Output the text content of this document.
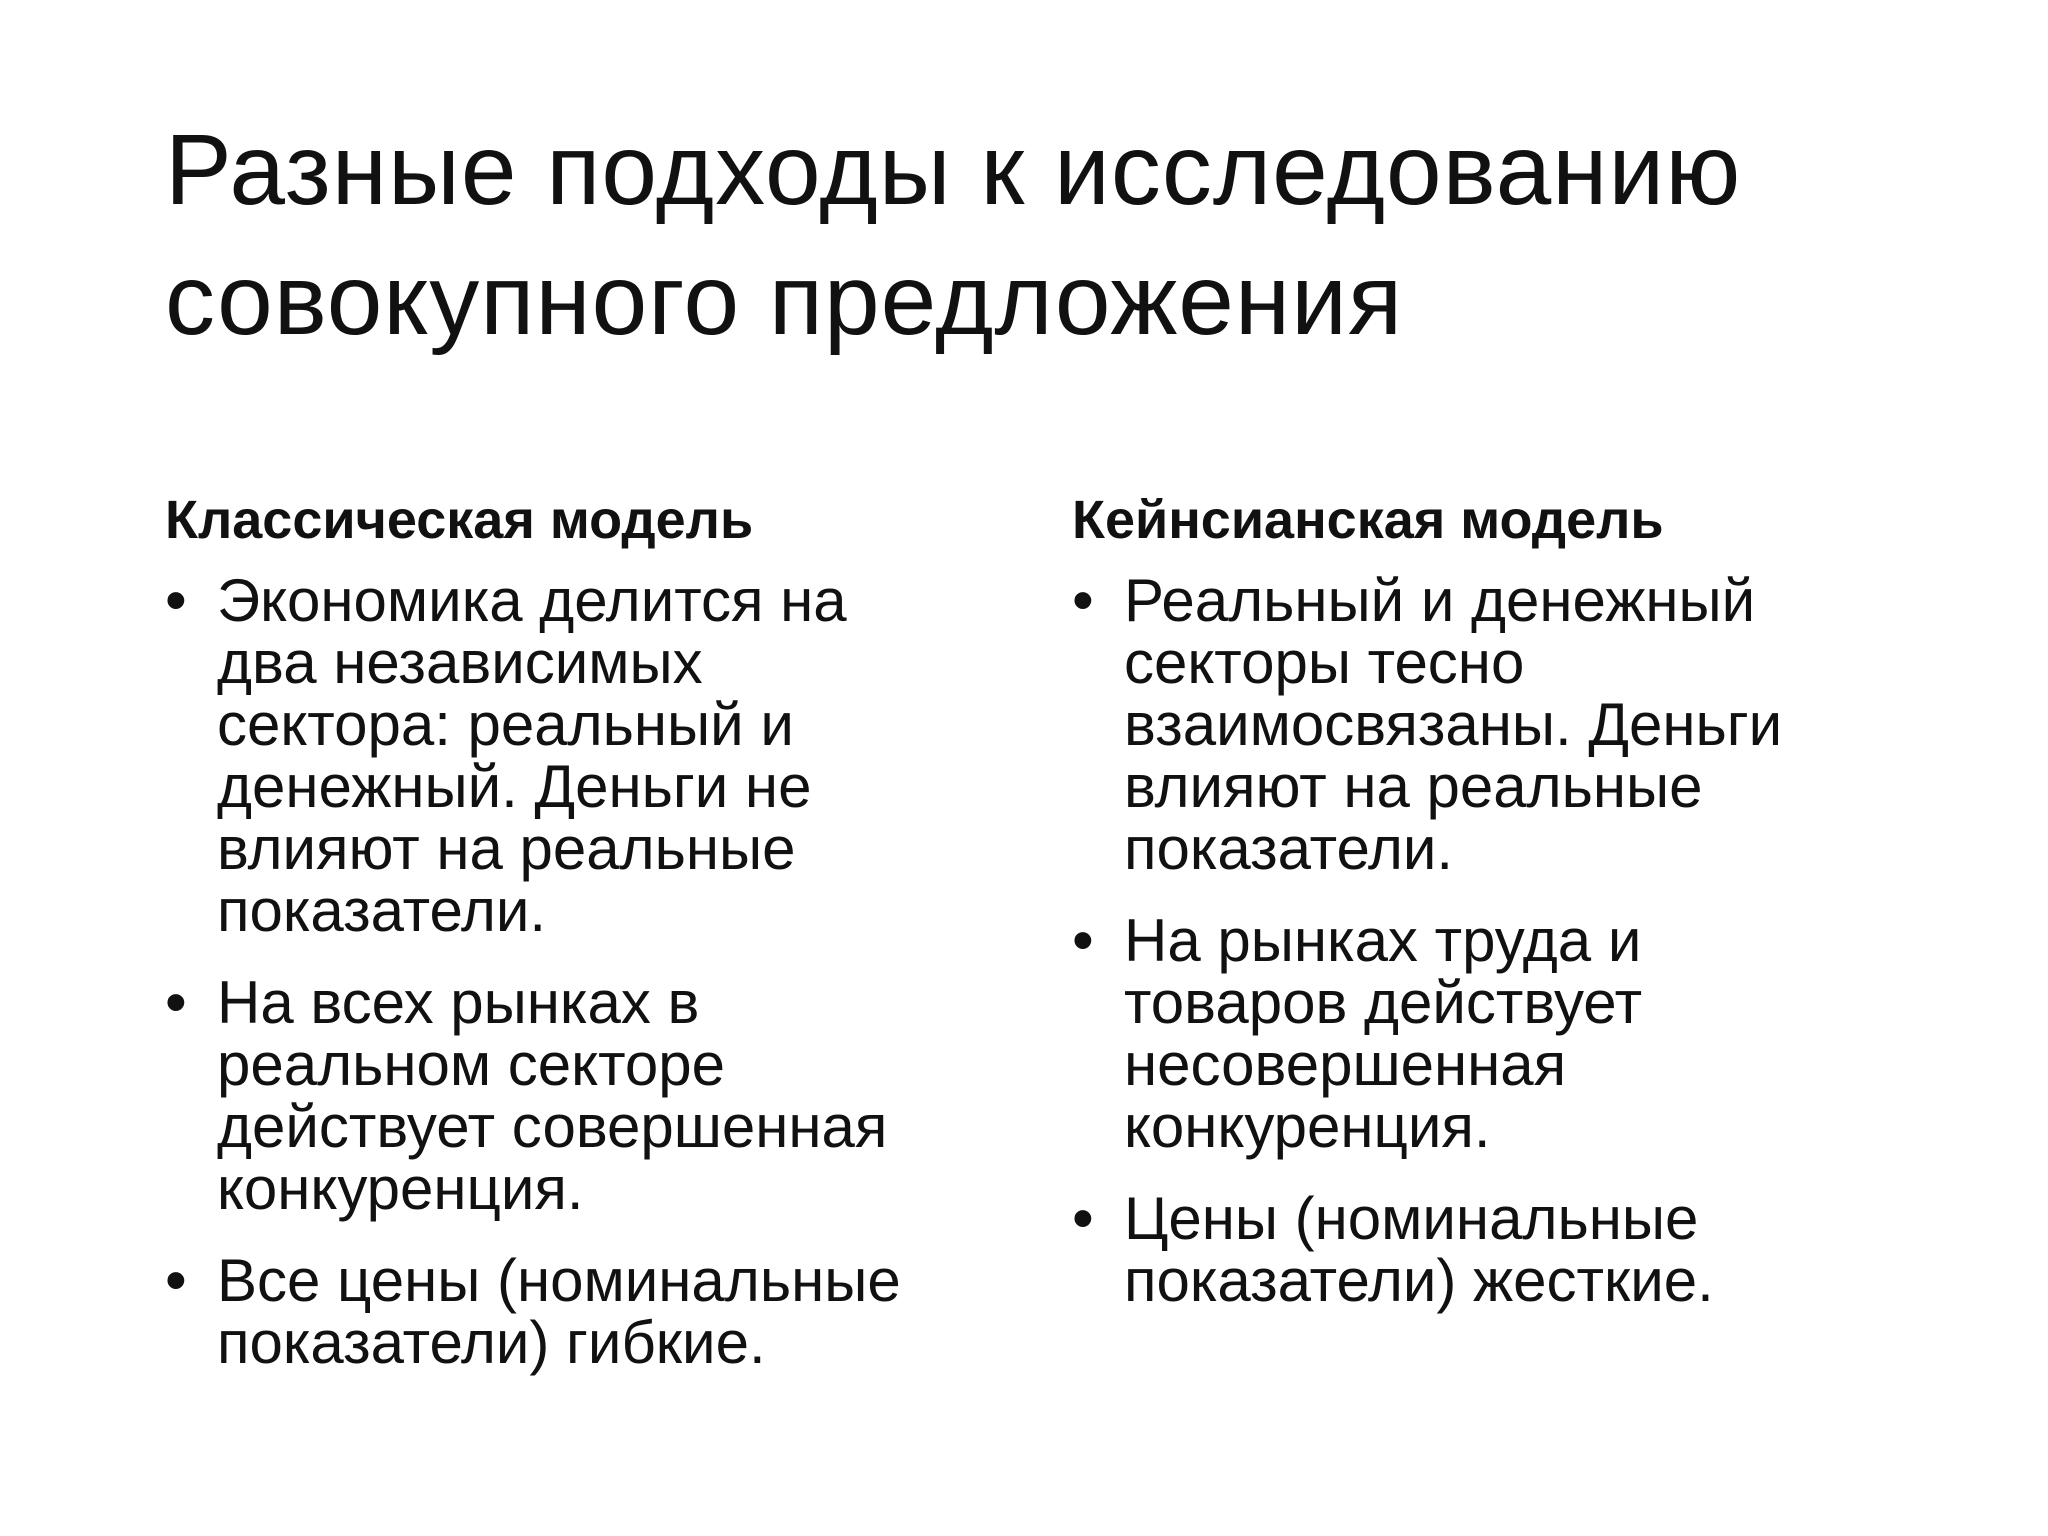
Разные подходы к исследованию
совокупного предложения
Классическая модель
• Экономика делится на
два независимых
сектора: реальный и
денежный. Деньги не
влияют на реальные
показатели.
• На всех рынках в
реальном секторе
действует совершенная
конкуренция.
• Все цены (номинальные
показатели) гибкие.
Кейнсианская модель
• Реальный и денежный
секторы тесно
взаимосвязаны. Деньги
влияют на реальные
показатели.
• На рынках труда и
товаров действует
несовершенная
конкуренция.
• Цены (номинальные
показатели) жесткие.
